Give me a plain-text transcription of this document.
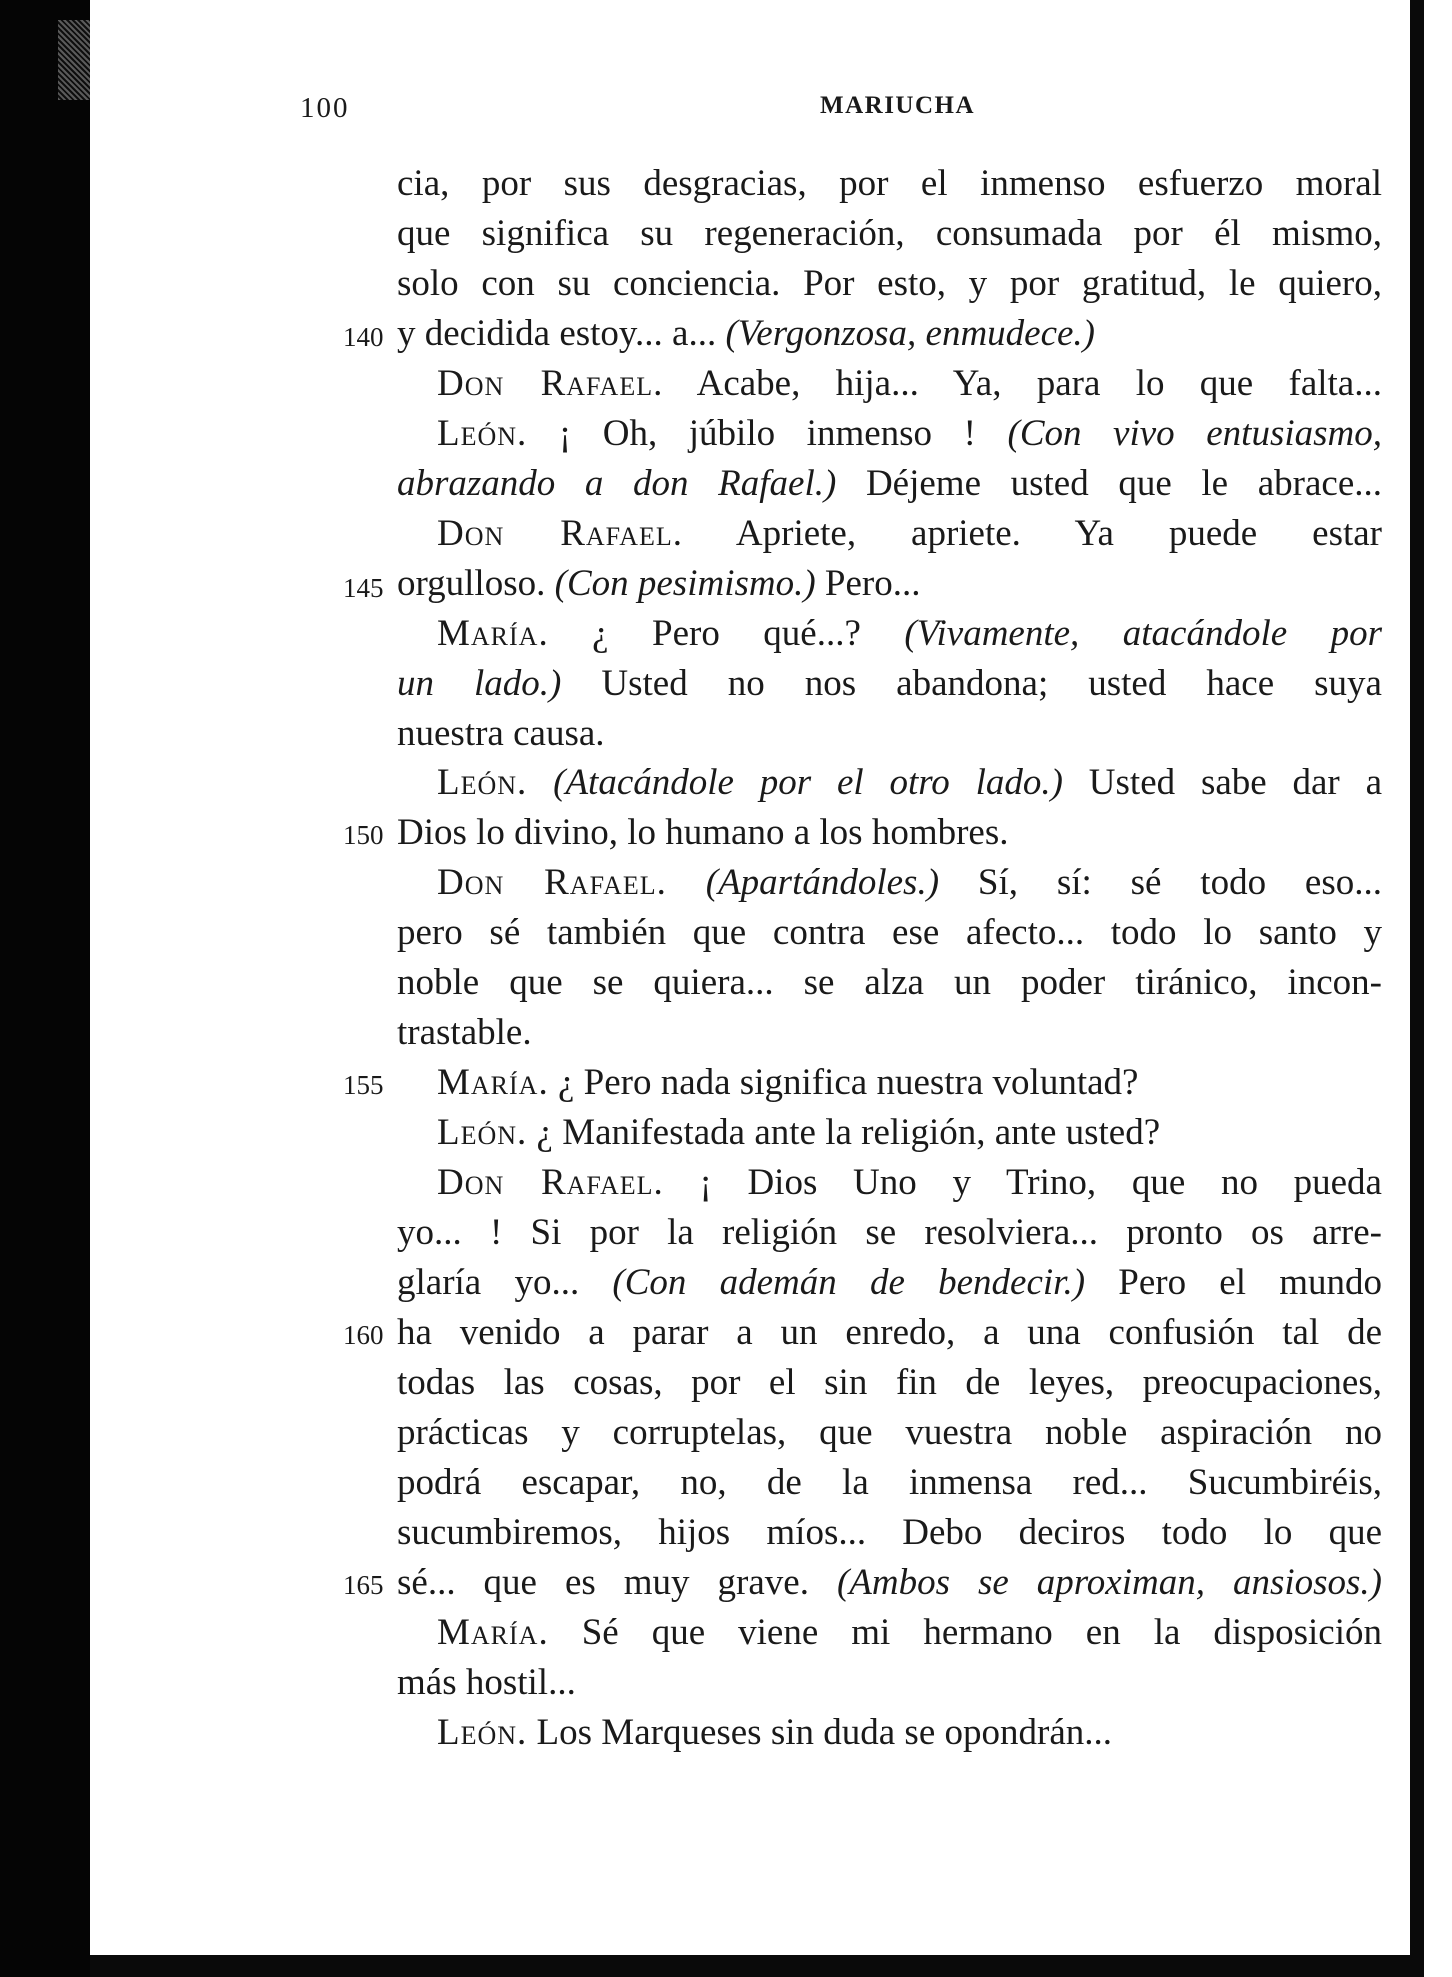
100	MARIUCHA
140
145
150
155
160
165
cia, por sus desgracias, por el inmenso esfuerzo moral
que significa su regeneración, consumada por él mismo,
solo con su conciencia. Por esto, y por gratitud, le quiero,
y decidida estoy... a... (Vergonzosa, enmudece.)
Don Rafael. Acabe, hija... Ya, para lo que falta...
León. ¡ Oh, júbilo inmenso ! (Con vivo entusiasmo,
abrazando a don Rafael.) Déjeme usted que le abrace...
Don Rafael. Apriete, apriete. Ya puede estar
orgulloso. (Con pesimismo.) Pero...
María. ¿ Pero qué...? (Vivamente, atacándole por
un lado.) Usted no nos abandona; usted hace suya
nuestra causa.
León. (Atacándole por el otro lado.) Usted sabe dar a
Dios lo divino, lo humano a los hombres.
Don Rafael. (Apartándoles.) Sí, sí: sé todo eso...
pero sé también que contra ese afecto... todo lo santo y
noble que se quiera... se alza un poder tiránico, incon-
trastable.
María. ¿ Pero nada significa nuestra voluntad?
León. ¿ Manifestada ante la religión, ante usted?
Don Rafael. ¡ Dios Uno y Trino, que no pueda
yo... ! Si por la religión se resolviera... pronto os arre-
glaría yo... (Con ademán de bendecir.) Pero el mundo
ha venido a parar a un enredo, a una confusión tal de
todas las cosas, por el sin fin de leyes, preocupaciones,
prácticas y corruptelas, que vuestra noble aspiración no
podrá escapar, no, de la inmensa red... Sucumbiréis,
sucumbiremos, hijos míos... Debo deciros todo lo que
sé... que es muy grave. (Ambos se aproximan, ansiosos.)
María. Sé que viene mi hermano en la disposición
más hostil...
León. Los Marqueses sin duda se opondrán...
